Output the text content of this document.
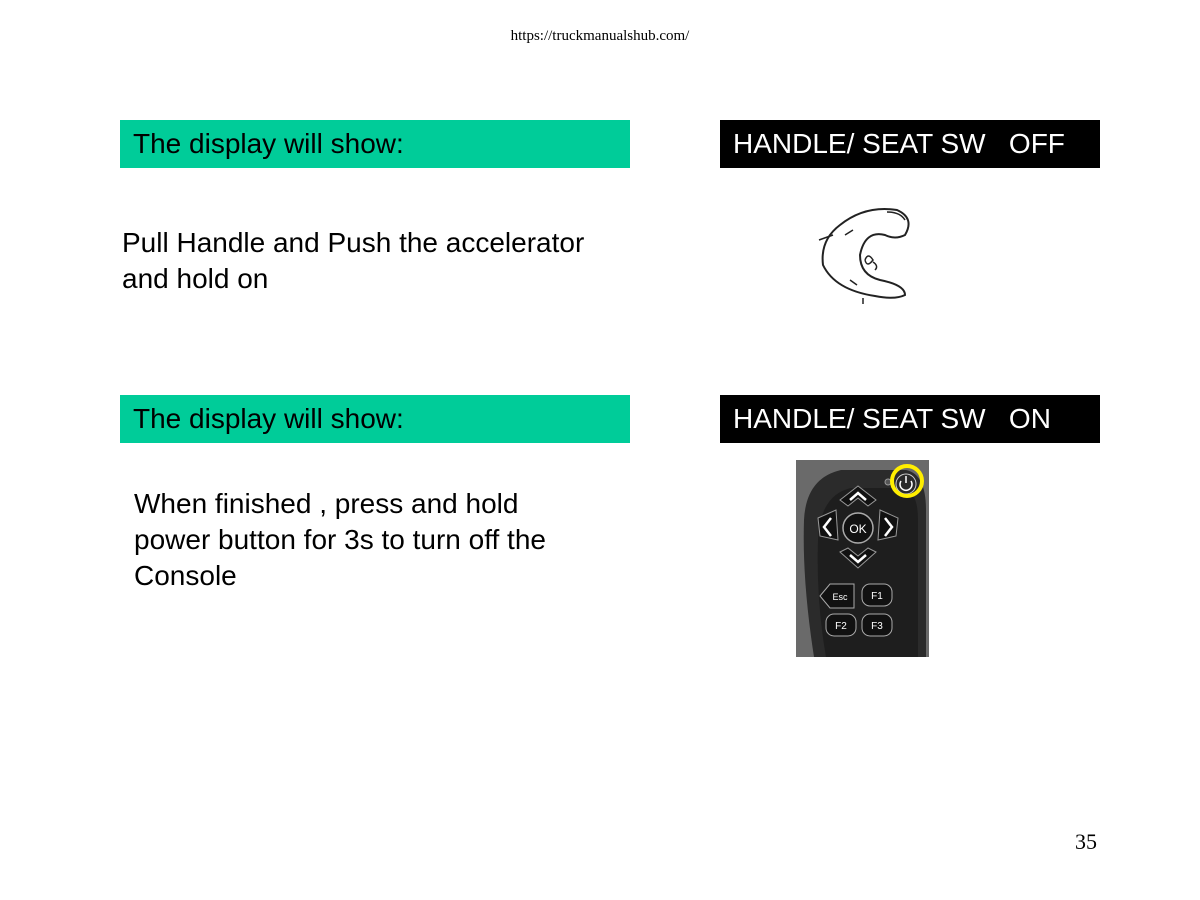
https://truckmanualshub.com/
The display will show:	HANDLE/ SEAT SW   OFF
Pull Handle and Push the accelerator
and hold on
The display will show:	HANDLE/ SEAT SW   ON
When finished , press and hold
power button for 3s to turn off the
Console
OK
Esc F1
F2 F3
35
